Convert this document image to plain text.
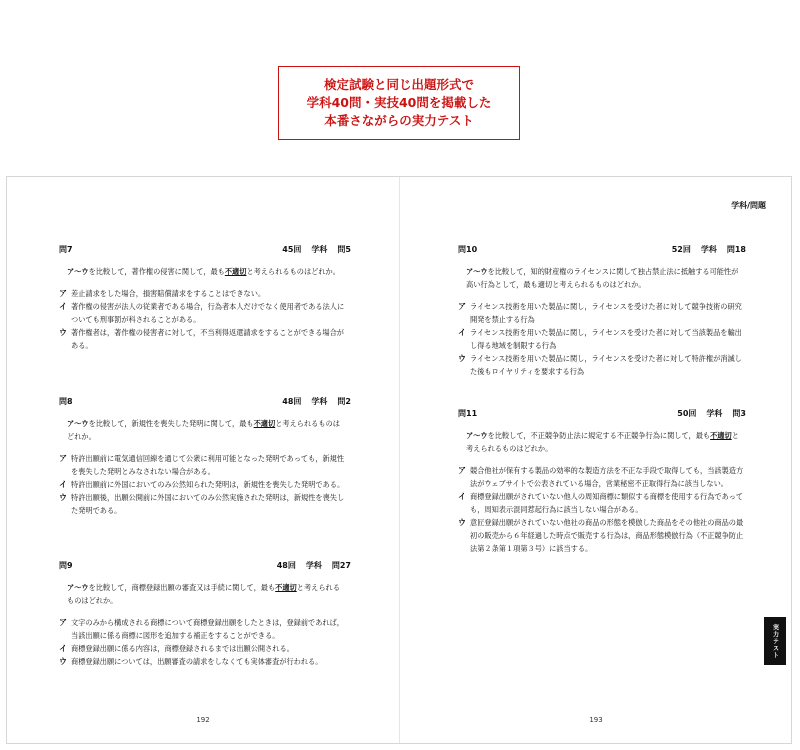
検定試験と同じ出題形式で
学科40問・実技40問を掲載した
本番さながらの実力テスト
問7	45回 学科 問5
ア〜ウを比較して，著作権の侵害に関して，最も不適切と考えられるものはどれか。
ア 差止請求をした場合，損害賠償請求をすることはできない。
イ 著作権の侵害が法人の従業者である場合，行為者本人だけでなく使用者である法人についても刑事罰が科されることがある。
ウ 著作権者は，著作権の侵害者に対して，不当利得返還請求をすることができる場合がある。
問8	48回 学科 問2
ア〜ウを比較して，新規性を喪失した発明に関して，最も不適切と考えられるものはどれか。
ア 特許出願前に電気通信回線を通じて公衆に利用可能となった発明であっても，新規性を喪失した発明とみなされない場合がある。
イ 特許出願前に外国においてのみ公然知られた発明は，新規性を喪失した発明である。
ウ 特許出願後，出願公開前に外国においてのみ公然実施された発明は，新規性を喪失した発明である。
問9	48回 学科 問27
ア〜ウを比較して，商標登録出願の審査又は手続に関して，最も不適切と考えられるものはどれか。
ア 文字のみから構成される商標について商標登録出願をしたときは，登録前であれば，当該出願に係る商標に図形を追加する補正をすることができる。
イ 商標登録出願に係る内容は，商標登録されるまでは出願公開される。
ウ 商標登録出願については，出願審査の請求をしなくても実体審査が行われる。
192
学科/問題
問10	52回 学科 問18
ア〜ウを比較して，知的財産権のライセンスに関して独占禁止法に抵触する可能性が高い行為として，最も適切と考えられるものはどれか。
ア ライセンス技術を用いた製品に関し，ライセンスを受けた者に対して競争技術の研究開発を禁止する行為
イ ライセンス技術を用いた製品に関し，ライセンスを受けた者に対して当該製品を輸出し得る地域を制限する行為
ウ ライセンス技術を用いた製品に関し，ライセンスを受けた者に対して特許権が消滅した後もロイヤリティを要求する行為
問11	50回 学科 問3
ア〜ウを比較して，不正競争防止法に規定する不正競争行為に関して，最も不適切と考えられるものはどれか。
ア 競合他社が保有する製品の効率的な製造方法を不正な手段で取得しても，当該製造方法がウェブサイトで公表されている場合，営業秘密不正取得行為に該当しない。
イ 商標登録出願がされていない他人の周知商標に類似する商標を使用する行為であっても，周知表示混同惹起行為に該当しない場合がある。
ウ 意匠登録出願がされていない他社の商品の形態を模倣した商品をその他社の商品の最初の販売から６年経過した時点で販売する行為は，商品形態模倣行為（不正競争防止法第２条第１項第３号）に該当する。
実力テスト
193
